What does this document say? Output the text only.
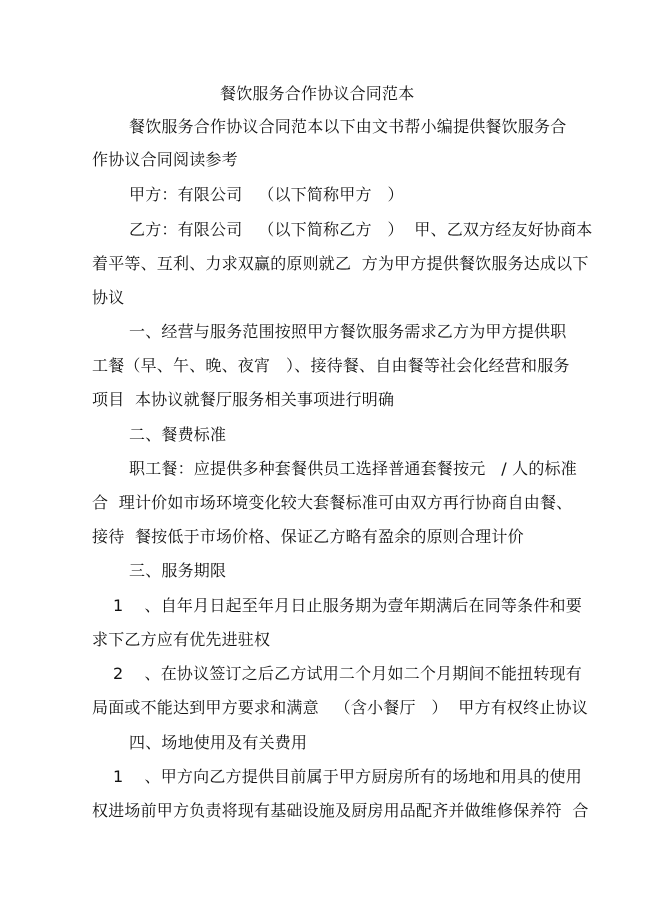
餐饮服务合作协议合同范本
餐饮服务合作协议合同范本以下由文书帮小编提供餐饮服务合
作协议合同阅读参考
甲方：有限公司   （以下简称甲方   ）
乙方：有限公司   （以下简称乙方   ）  甲、乙双方经友好协商本
着平等、互利、力求双赢的原则就乙  方为甲方提供餐饮服务达成以下
协议
一、经营与服务范围按照甲方餐饮服务需求乙方为甲方提供职
工餐（早、午、晚、夜宵   ）、接待餐、自由餐等社会化经营和服务
项目  本协议就餐厅服务相关事项进行明确
二、餐费标准
职工餐：应提供多种套餐供员工选择普通套餐按元   / 人的标准
合  理计价如市场环境变化较大套餐标准可由双方再行协商自由餐、
接待  餐按低于市场价格、保证乙方略有盈余的原则合理计价
三、服务期限
1    、自年月日起至年月日止服务期为壹年期满后在同等条件和要
求下乙方应有优先进驻权
2    、在协议签订之后乙方试用二个月如二个月期间不能扭转现有
局面或不能达到甲方要求和满意   （含小餐厅   ）  甲方有权终止协议
四、场地使用及有关费用
1    、甲方向乙方提供目前属于甲方厨房所有的场地和用具的使用
权进场前甲方负责将现有基础设施及厨房用品配齐并做维修保养符  合
